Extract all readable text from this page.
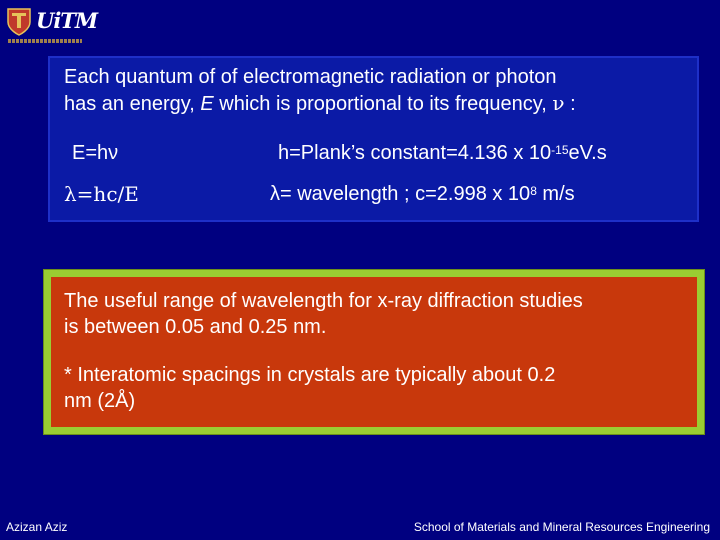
UiTM
Each quantum of of electromagnetic radiation or photon
has an energy, E which is proportional to its frequency, ν :
E=hν	h=Plank’s constant=4.136 x $10^{-15}eV.s$
λ=hc/E	λ= wavelength ; c=2.998 x $10^8$ m/s
The useful range of wavelength for x-ray diffraction studies
is between 0.05 and 0.25 nm.
* Interatomic spacings in crystals are typically about 0.2
nm (2Å)
Azizan Aziz	School of Materials and Mineral Resources Engineering
